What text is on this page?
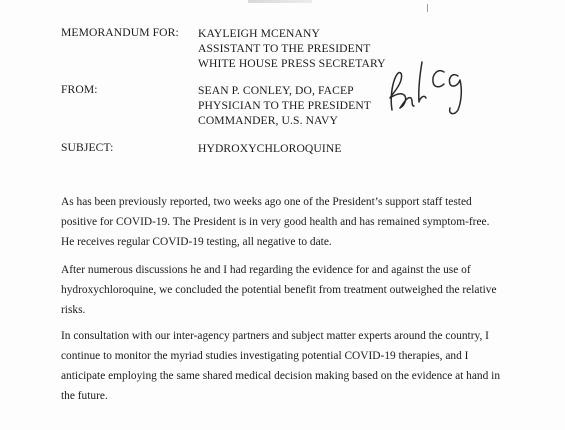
MEMORANDUM FOR: KAYLEIGH MCENANY
ASSISTANT TO THE PRESIDENT
WHITE HOUSE PRESS SECRETARY
FROM:	SEAN P. CONLEY, DO, FACEP
PHYSICIAN TO THE PRESIDENT
COMMANDER, U.S. NAVY
SUBJECT:	HYDROXYCHLOROQUINE
As has been previously reported, two weeks ago one of the President’s support staff tested
positive for COVID-19. The President is in very good health and has remained symptom-free.
He receives regular COVID-19 testing, all negative to date.
After numerous discussions he and I had regarding the evidence for and against the use of
hydroxychloroquine, we concluded the potential benefit from treatment outweighed the relative
risks.
In consultation with our inter-agency partners and subject matter experts around the country, I
continue to monitor the myriad studies investigating potential COVID-19 therapies, and I
anticipate employing the same shared medical decision making based on the evidence at hand in
the future.
